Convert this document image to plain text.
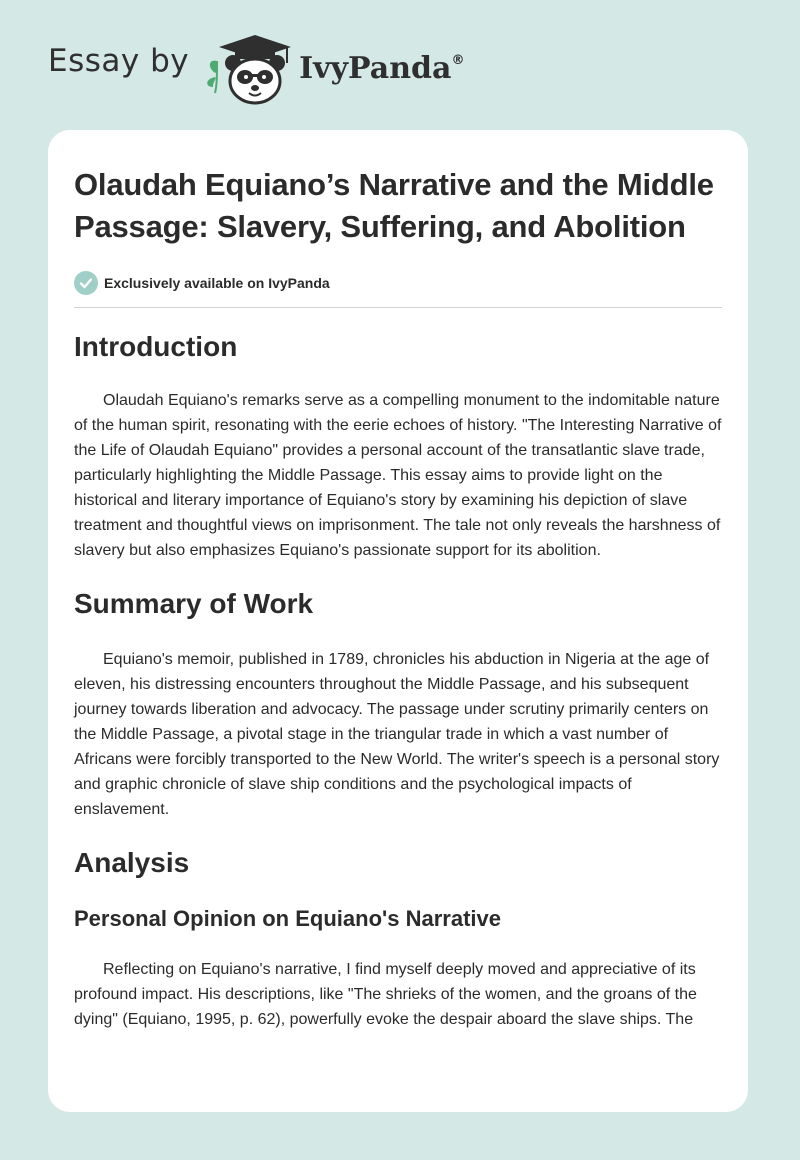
Essay by	IvyPanda®
Olaudah Equiano’s Narrative and the Middle Passage: Slavery, Suffering, and Abolition
Exclusively available on IvyPanda
Introduction

Olaudah Equiano's remarks serve as a compelling monument to the indomitable nature of the human spirit, resonating with the eerie echoes of history. "The Interesting Narrative of the Life of Olaudah Equiano" provides a personal account of the transatlantic slave trade, particularly highlighting the Middle Passage. This essay aims to provide light on the historical and literary importance of Equiano's story by examining his depiction of slave treatment and thoughtful views on imprisonment. The tale not only reveals the harshness of slavery but also emphasizes Equiano's passionate support for its abolition.

Summary of Work

Equiano's memoir, published in 1789, chronicles his abduction in Nigeria at the age of eleven, his distressing encounters throughout the Middle Passage, and his subsequent journey towards liberation and advocacy. The passage under scrutiny primarily centers on the Middle Passage, a pivotal stage in the triangular trade in which a vast number of Africans were forcibly transported to the New World. The writer's speech is a personal story and graphic chronicle of slave ship conditions and the psychological impacts of enslavement.

Analysis
Personal Opinion on Equiano's Narrative

Reflecting on Equiano's narrative, I find myself deeply moved and appreciative of its profound impact. His descriptions, like "The shrieks of the women, and the groans of the dying" (Equiano, 1995, p. 62), powerfully evoke the despair aboard the slave ships. The
